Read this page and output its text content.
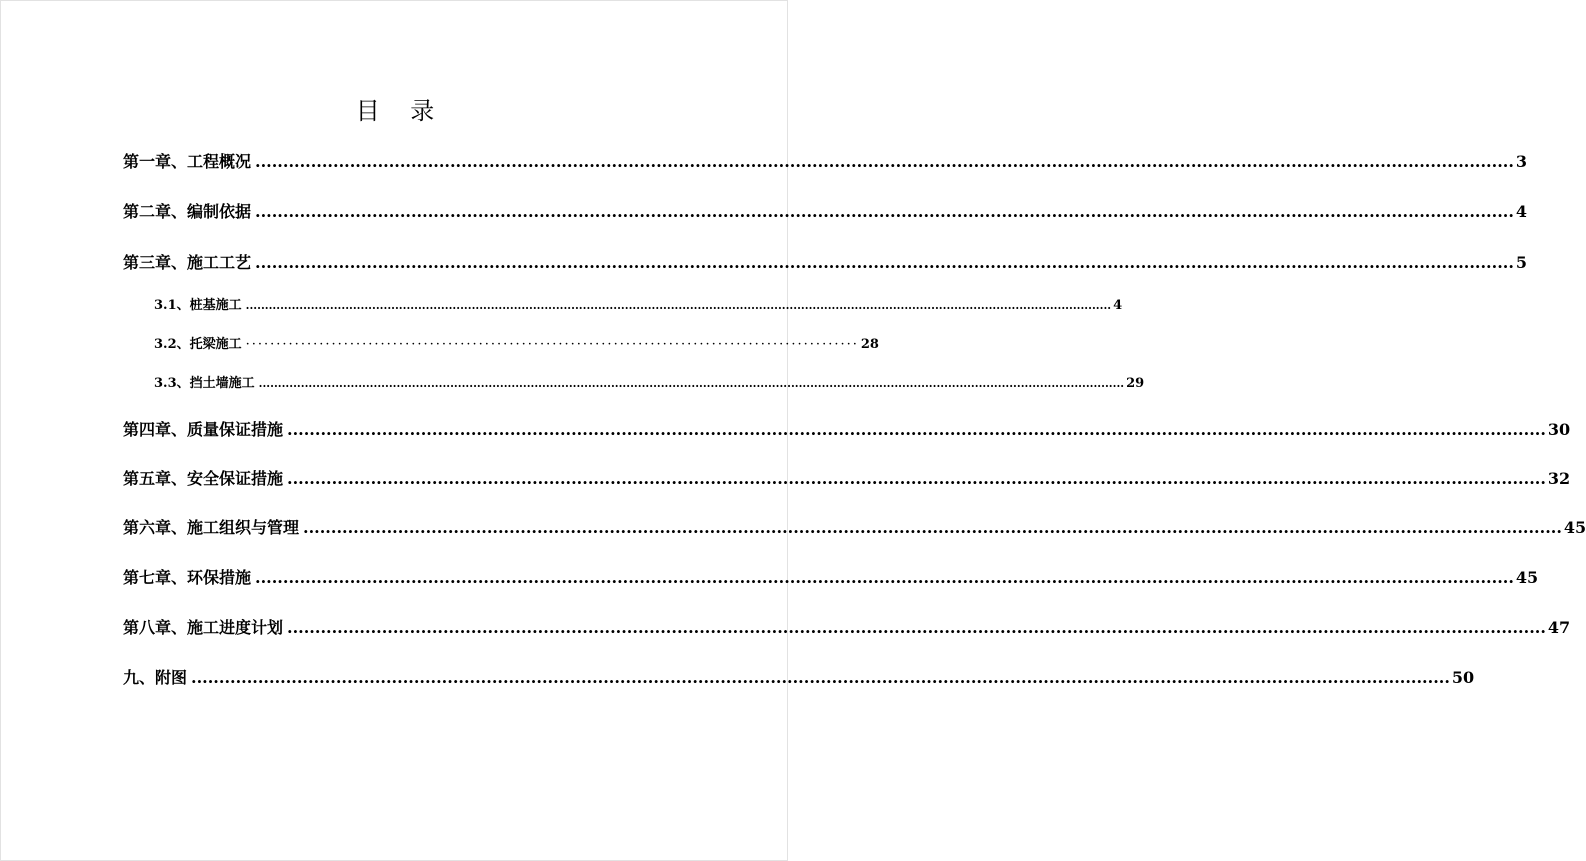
目    录
第一章、工程概况 .................................................................................................................................................................................................................................. 3
第二章、编制依据 .................................................................................................................................................................................................................................. 4
第三章、施工工艺 .................................................................................................................................................................................................................................. 5
3.1、桩基施工 .................................................................................................................................................................................................................................. 4
3.2、托梁施工 ···································································································· 28
3.3、挡土墙施工 .................................................................................................................................................................................................................................. 29
第四章、质量保证措施 .................................................................................................................................................................................................................................. 30
第五章、安全保证措施 .................................................................................................................................................................................................................................. 32
第六章、施工组织与管理 .................................................................................................................................................................................................................................. 45
第七章、环保措施 .................................................................................................................................................................................................................................. 45
第八章、施工进度计划 .................................................................................................................................................................................................................................. 47
九、附图 .................................................................................................................................................................................................................................. 50
